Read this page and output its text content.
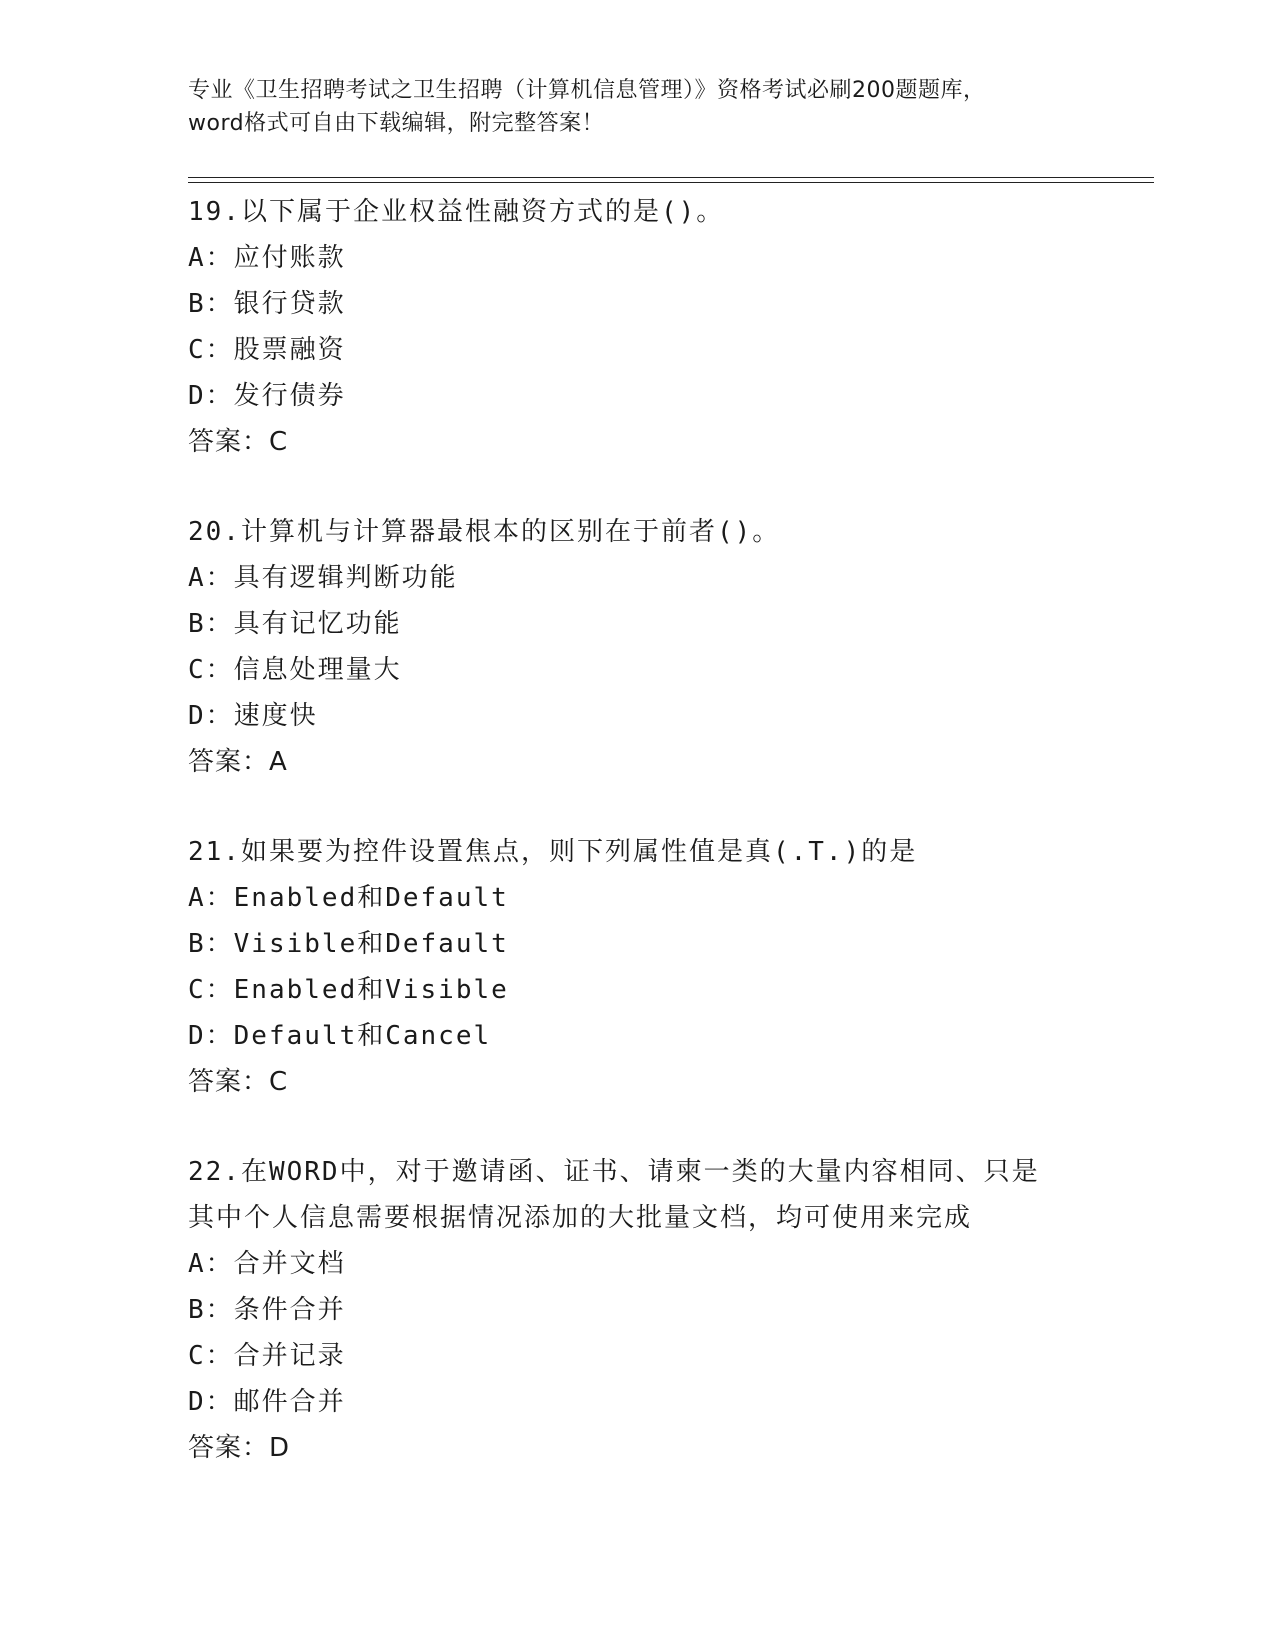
专业《卫生招聘考试之卫生招聘（计算机信息管理）》资格考试必刷200题题库，
word格式可自由下载编辑，附完整答案！
19.以下属于企业权益性融资方式的是()。
A：应付账款
B：银行贷款
C：股票融资
D：发行债券
答案：C
20.计算机与计算器最根本的区别在于前者()。
A：具有逻辑判断功能
B：具有记忆功能
C：信息处理量大
D：速度快
答案：A
21.如果要为控件设置焦点，则下列属性值是真(.T.)的是
A：Enabled和Default
B：Visible和Default
C：Enabled和Visible
D：Default和Cancel
答案：C
22.在WORD中，对于邀请函、证书、请柬一类的大量内容相同、只是
其中个人信息需要根据情况添加的大批量文档，均可使用来完成
A：合并文档
B：条件合并
C：合并记录
D：邮件合并
答案：D
